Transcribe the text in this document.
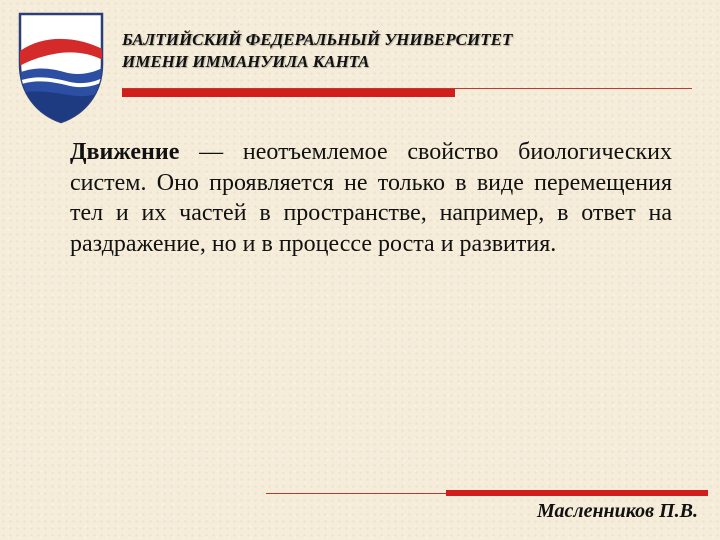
БАЛТИЙСКИЙ ФЕДЕРАЛЬНЫЙ УНИВЕРСИТЕТ
ИМЕНИ ИММАНУИЛА КАНТА
Движение — неотъемлемое свойство биологических систем. Оно проявляется не только в виде перемещения тел и их частей в пространстве, например, в ответ на раздражение, но и в процессе роста и развития.
Масленников П.В.
